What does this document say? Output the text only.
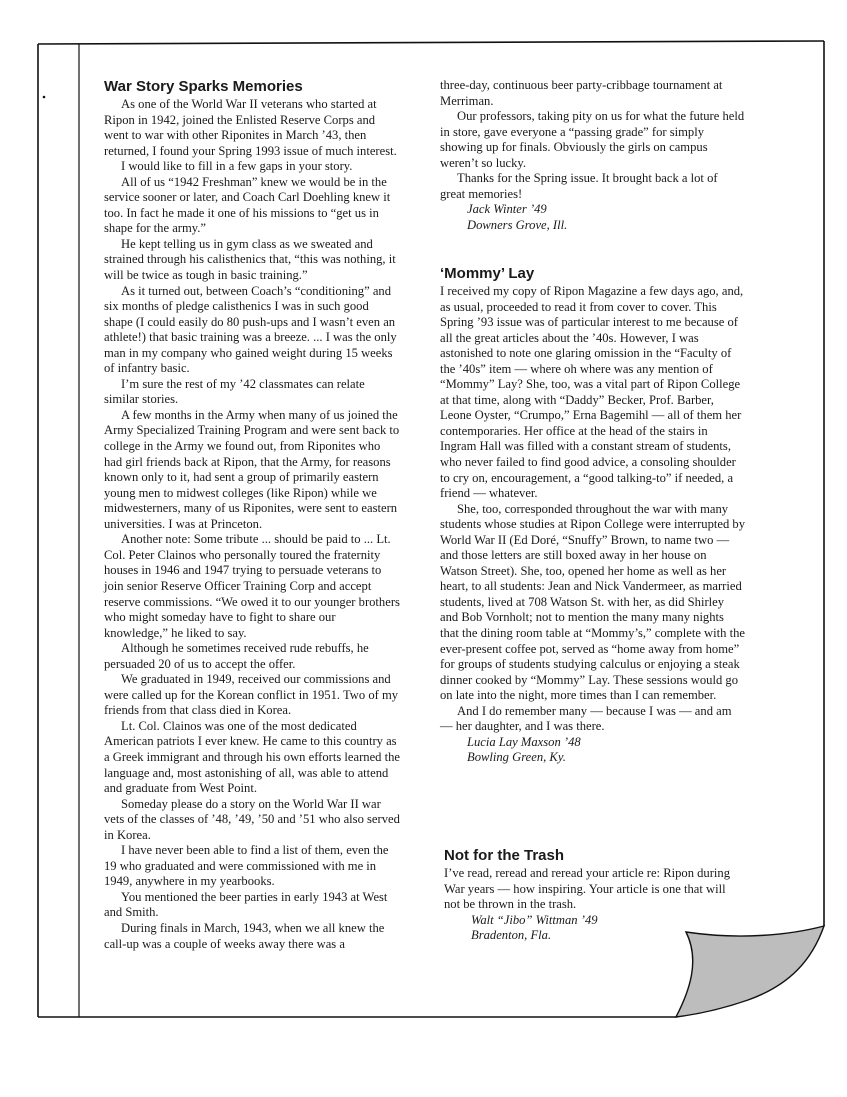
War Story Sparks Memories

As one of the World War II veterans who started at Ripon in 1942, joined the Enlisted Reserve Corps and went to war with other Riponites in March ’43, then returned, I found your Spring 1993 issue of much interest.

I would like to fill in a few gaps in your story.

All of us “1942 Freshman” knew we would be in the service sooner or later, and Coach Carl Doehling knew it too. In fact he made it one of his missions to “get us in shape for the army.”

He kept telling us in gym class as we sweated and strained through his calisthenics that, “this was nothing, it will be twice as tough in basic training.”

As it turned out, between Coach’s “conditioning” and six months of pledge calisthenics I was in such good shape (I could easily do 80 push-ups and I wasn’t even an athlete!) that basic training was a breeze. ... I was the only man in my company who gained weight during 15 weeks of infantry basic.

I’m sure the rest of my ’42 classmates can relate similar stories.

A few months in the Army when many of us joined the Army Specialized Training Program and were sent back to college in the Army we found out, from Riponites who had girl friends back at Ripon, that the Army, for reasons known only to it, had sent a group of primarily eastern young men to midwest colleges (like Ripon) while we midwesterners, many of us Riponites, were sent to eastern universities. I was at Princeton.

Another note: Some tribute ... should be paid to ... Lt. Col. Peter Clainos who personally toured the fraternity houses in 1946 and 1947 trying to persuade veterans to join senior Reserve Officer Training Corp and accept reserve commissions. “We owed it to our younger brothers who might someday have to fight to share our knowledge,” he liked to say.

Although he sometimes received rude rebuffs, he persuaded 20 of us to accept the offer.

We graduated in 1949, received our commissions and were called up for the Korean conflict in 1951. Two of my friends from that class died in Korea.

Lt. Col. Clainos was one of the most dedicated American patriots I ever knew. He came to this country as a Greek immigrant and through his own efforts learned the language and, most astonishing of all, was able to attend and graduate from West Point.

Someday please do a story on the World War II war vets of the classes of ’48, ’49, ’50 and ’51 who also served in Korea.

I have never been able to find a list of them, even the 19 who graduated and were commissioned with me in 1949, anywhere in my yearbooks.

You mentioned the beer parties in early 1943 at West and Smith.

During finals in March, 1943, when we all knew the call-up was a couple of weeks away there was a

three-day, continuous beer party-cribbage tournament at Merriman.

Our professors, taking pity on us for what the future held in store, gave everyone a “passing grade” for simply showing up for finals. Obviously the girls on campus weren’t so lucky.

Thanks for the Spring issue. It brought back a lot of great memories!

Jack Winter ’49

Downers Grove, Ill.

‘Mommy’ Lay

I received my copy of Ripon Magazine a few days ago, and, as usual, proceeded to read it from cover to cover. This Spring ’93 issue was of particular interest to me because of all the great articles about the ’40s. However, I was astonished to note one glaring omission in the “Faculty of the ’40s” item — where oh where was any mention of “Mommy” Lay? She, too, was a vital part of Ripon College at that time, along with “Daddy” Becker, Prof. Barber, Leone Oyster, “Crumpo,” Erna Bagemihl — all of them her contemporaries. Her office at the head of the stairs in Ingram Hall was filled with a constant stream of students, who never failed to find good advice, a consoling shoulder to cry on, encouragement, a “good talking-to” if needed, a friend — whatever.

She, too, corresponded throughout the war with many students whose studies at Ripon College were interrupted by World War II (Ed Doré, “Snuffy” Brown, to name two — and those letters are still boxed away in her house on Watson Street). She, too, opened her home as well as her heart, to all students: Jean and Nick Vandermeer, as married students, lived at 708 Watson St. with her, as did Shirley and Bob Vornholt; not to mention the many many nights that the dining room table at “Mommy’s,” complete with the ever-present coffee pot, served as “home away from home” for groups of students studying calculus or enjoying a steak dinner cooked by “Mommy” Lay. These sessions would go on late into the night, more times than I can remember.

And I do remember many — because I was — and am — her daughter, and I was there.

Lucia Lay Maxson ’48

Bowling Green, Ky.

Not for the Trash

I’ve read, reread and reread your article re: Ripon during War years — how inspiring. Your article is one that will not be thrown in the trash.

Walt “Jibo” Wittman ’49

Bradenton, Fla.
